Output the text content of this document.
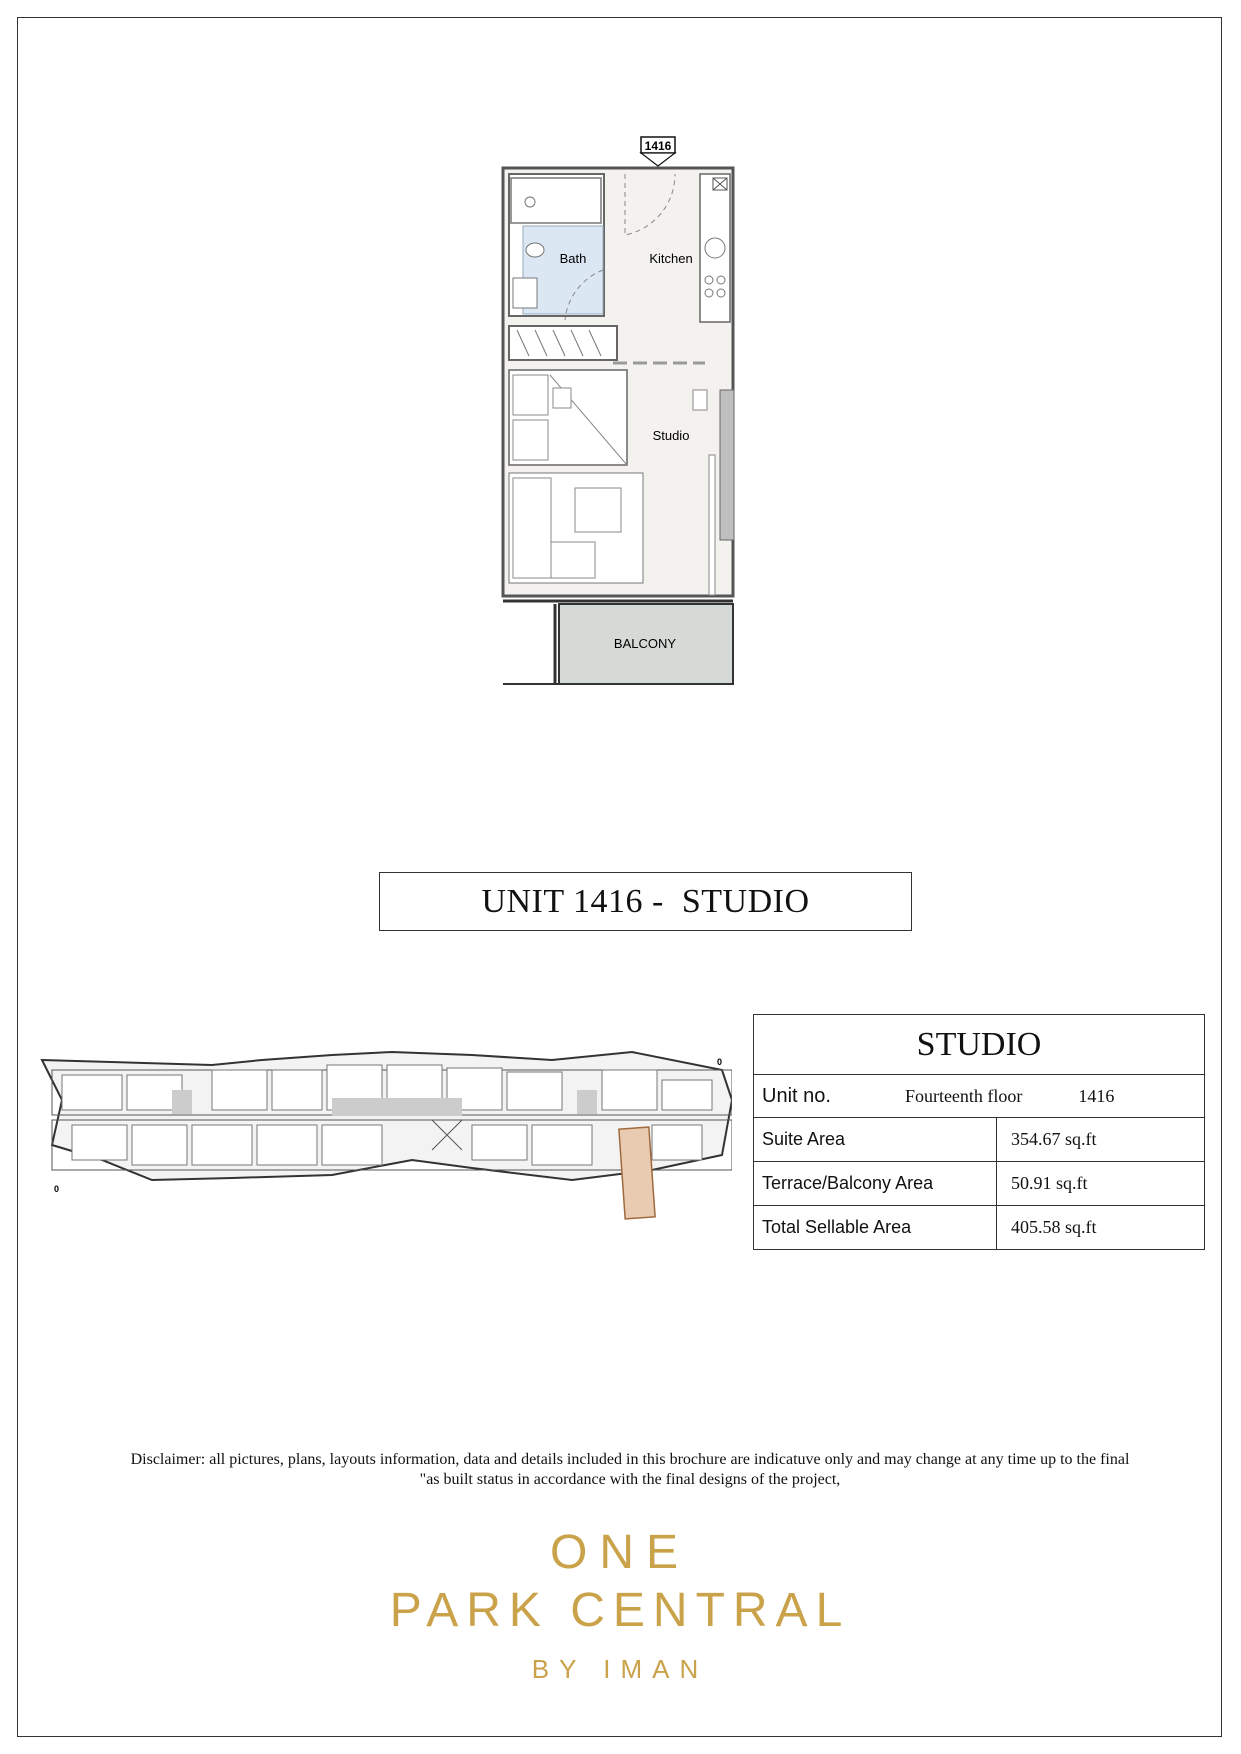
1416
Bath	Kitchen
Studio
BALCONY
UNIT 1416 -  STUDIO
0
0
STUDIO	

Unit no. Fourteenth floor 1416	

Suite Area	354.67 sq.ft
Terrace/Balcony Area	50.91 sq.ft
Total Sellable Area	405.58 sq.ft
Disclaimer: all pictures, plans, layouts information, data and details included in this brochure are indicatuve only and may change at any time up to the final
"as built status in accordance with the final designs of the project,
ONE
PARK CENTRAL
BY IMAN
